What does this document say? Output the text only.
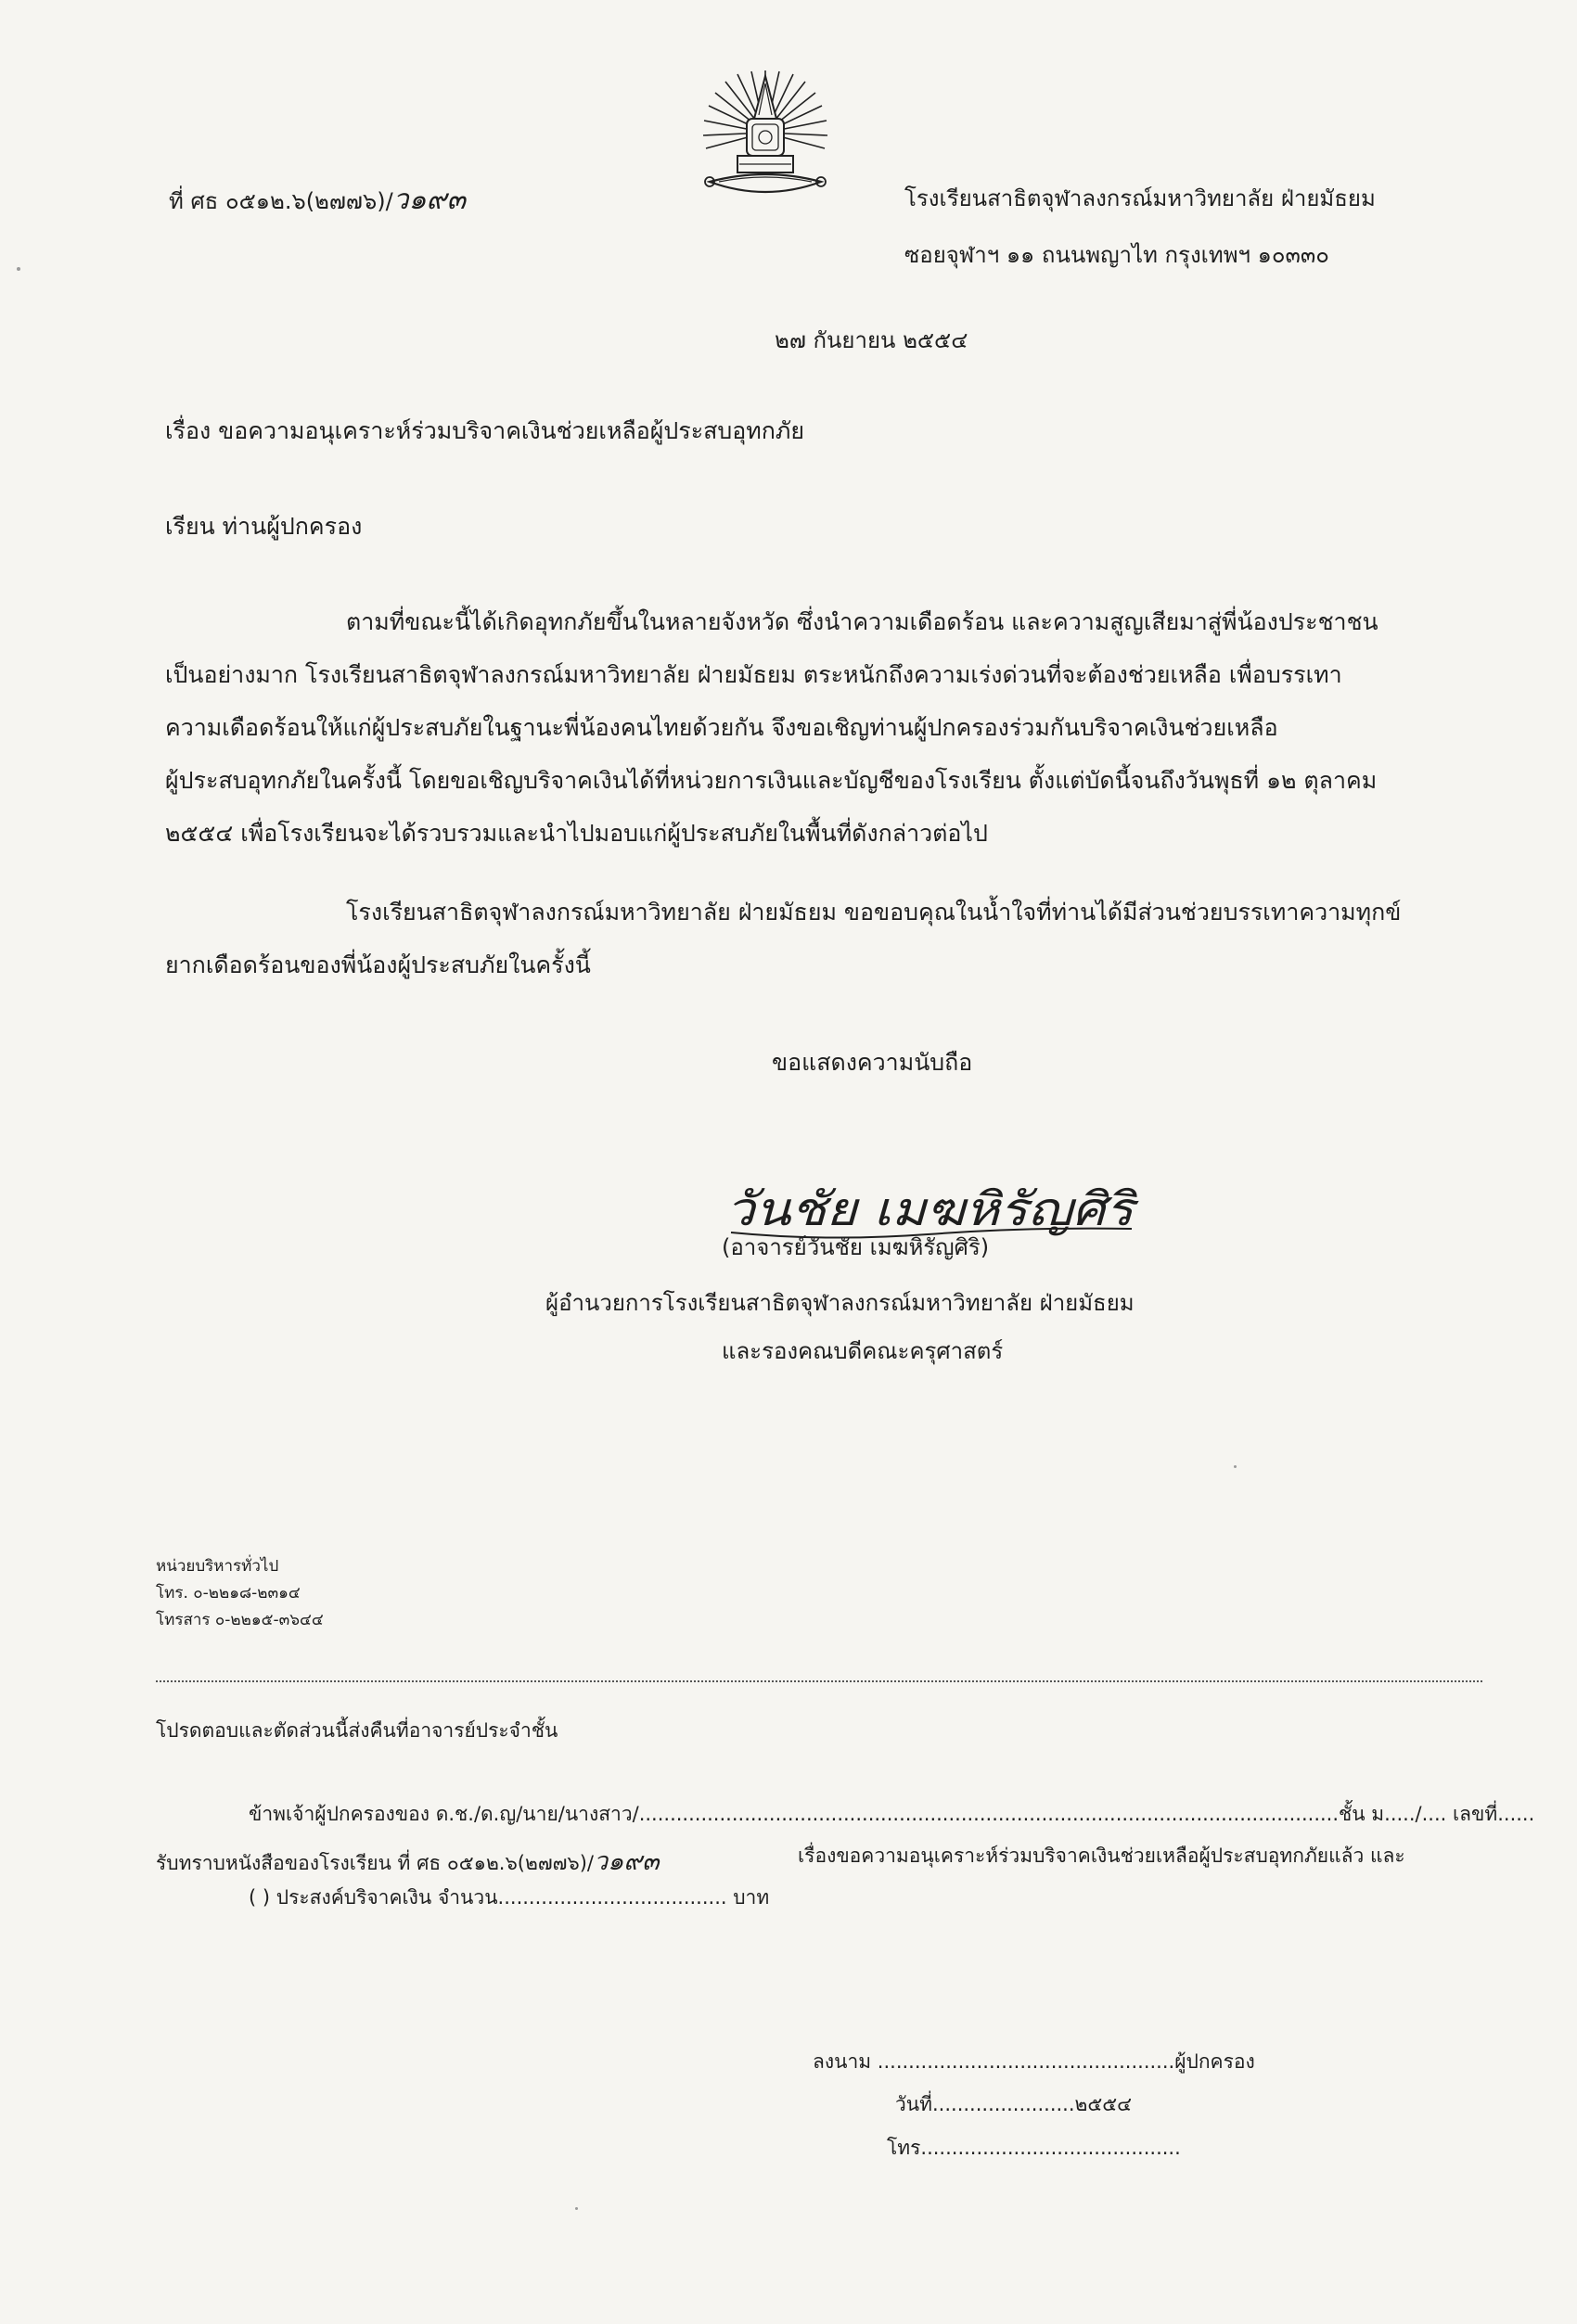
ที่ ศธ ๐๕๑๒.๖(๒๗๗๖)/ว๑๙๓	โรงเรียนสาธิตจุฬาลงกรณ์มหาวิทยาลัย ฝ่ายมัธยม
ซอยจุฬาฯ ๑๑ ถนนพญาไท กรุงเทพฯ ๑๐๓๓๐
๒๗ กันยายน ๒๕๕๔
เรื่อง ขอความอนุเคราะห์ร่วมบริจาคเงินช่วยเหลือผู้ประสบอุทกภัย
เรียน ท่านผู้ปกครอง
ตามที่ขณะนี้ได้เกิดอุทกภัยขึ้นในหลายจังหวัด ซึ่งนำความเดือดร้อน และความสูญเสียมาสู่พี่น้องประชาชน
เป็นอย่างมาก โรงเรียนสาธิตจุฬาลงกรณ์มหาวิทยาลัย ฝ่ายมัธยม ตระหนักถึงความเร่งด่วนที่จะต้องช่วยเหลือ เพื่อบรรเทา
ความเดือดร้อนให้แก่ผู้ประสบภัยในฐานะพี่น้องคนไทยด้วยกัน จึงขอเชิญท่านผู้ปกครองร่วมกันบริจาคเงินช่วยเหลือ
ผู้ประสบอุทกภัยในครั้งนี้ โดยขอเชิญบริจาคเงินได้ที่หน่วยการเงินและบัญชีของโรงเรียน ตั้งแต่บัดนี้จนถึงวันพุธที่ ๑๒ ตุลาคม
๒๕๕๔ เพื่อโรงเรียนจะได้รวบรวมและนำไปมอบแก่ผู้ประสบภัยในพื้นที่ดังกล่าวต่อไป
โรงเรียนสาธิตจุฬาลงกรณ์มหาวิทยาลัย ฝ่ายมัธยม ขอขอบคุณในน้ำใจที่ท่านได้มีส่วนช่วยบรรเทาความทุกข์
ยากเดือดร้อนของพี่น้องผู้ประสบภัยในครั้งนี้
ขอแสดงความนับถือ
วันชัย เมฆหิรัญศิริ
(อาจารย์วันชัย เมฆหิรัญศิริ)
ผู้อำนวยการโรงเรียนสาธิตจุฬาลงกรณ์มหาวิทยาลัย ฝ่ายมัธยม
และรองคณบดีคณะครุศาสตร์
หน่วยบริหารทั่วไป
โทร. ๐-๒๒๑๘-๒๓๑๔
โทรสาร ๐-๒๒๑๕-๓๖๔๔
โปรดตอบและตัดส่วนนี้ส่งคืนที่อาจารย์ประจำชั้น
ข้าพเจ้าผู้ปกครองของ ด.ช./ด.ญ/นาย/นางสาว/.................................................................................................................ชั้น ม...../.... เลขที่......
รับทราบหนังสือของโรงเรียน ที่ ศธ ๐๕๑๒.๖(๒๗๗๖)/ว๑๙๓	เรื่องขอความอนุเคราะห์ร่วมบริจาคเงินช่วยเหลือผู้ประสบอุทกภัยแล้ว และ
( ) ประสงค์บริจาคเงิน จำนวน..................................... บาท
ลงนาม ................................................ผู้ปกครอง
วันที่.......................๒๕๕๔
โทร..........................................
